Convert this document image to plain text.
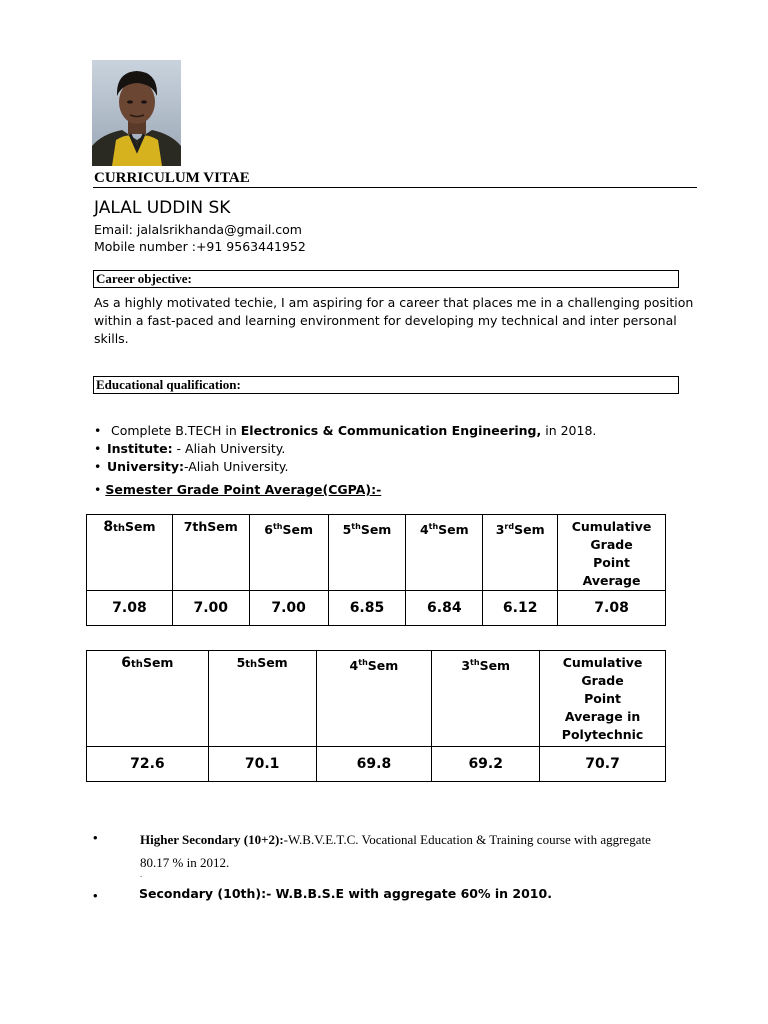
CURRICULUM VITAE
JALAL UDDIN SK
Email: jalalsrikhanda@gmail.com
Mobile number :+91 9563441952
Career objective:
As a highly motivated techie, I am aspiring for a career that places me in a challenging position within a fast-paced and learning environment for developing my technical and inter personal skills.
Educational qualification:
• Complete B.TECH in Electronics & Communication Engineering, in 2018.
• Institute: - Aliah University.
• University:-Aliah University.
• Semester Grade Point Average(CGPA):-
8thSem	7thSem	6thSem	5thSem	4thSem	3rdSem	Cumulative
Grade
Point
Average

7.08	7.00	7.00	6.85	6.84	6.12	7.08
6thSem	5thSem	4thSem	3thSem	Cumulative
Grade
Point
Average in
Polytechnic

72.6	70.1	69.8	69.2	70.7
•	Higher Secondary (10+2):-W.B.V.E.T.C. Vocational Education & Training course with aggregate 80.17 % in 2012.
.
•	Secondary (10th):- W.B.B.S.E with aggregate 60% in 2010.
